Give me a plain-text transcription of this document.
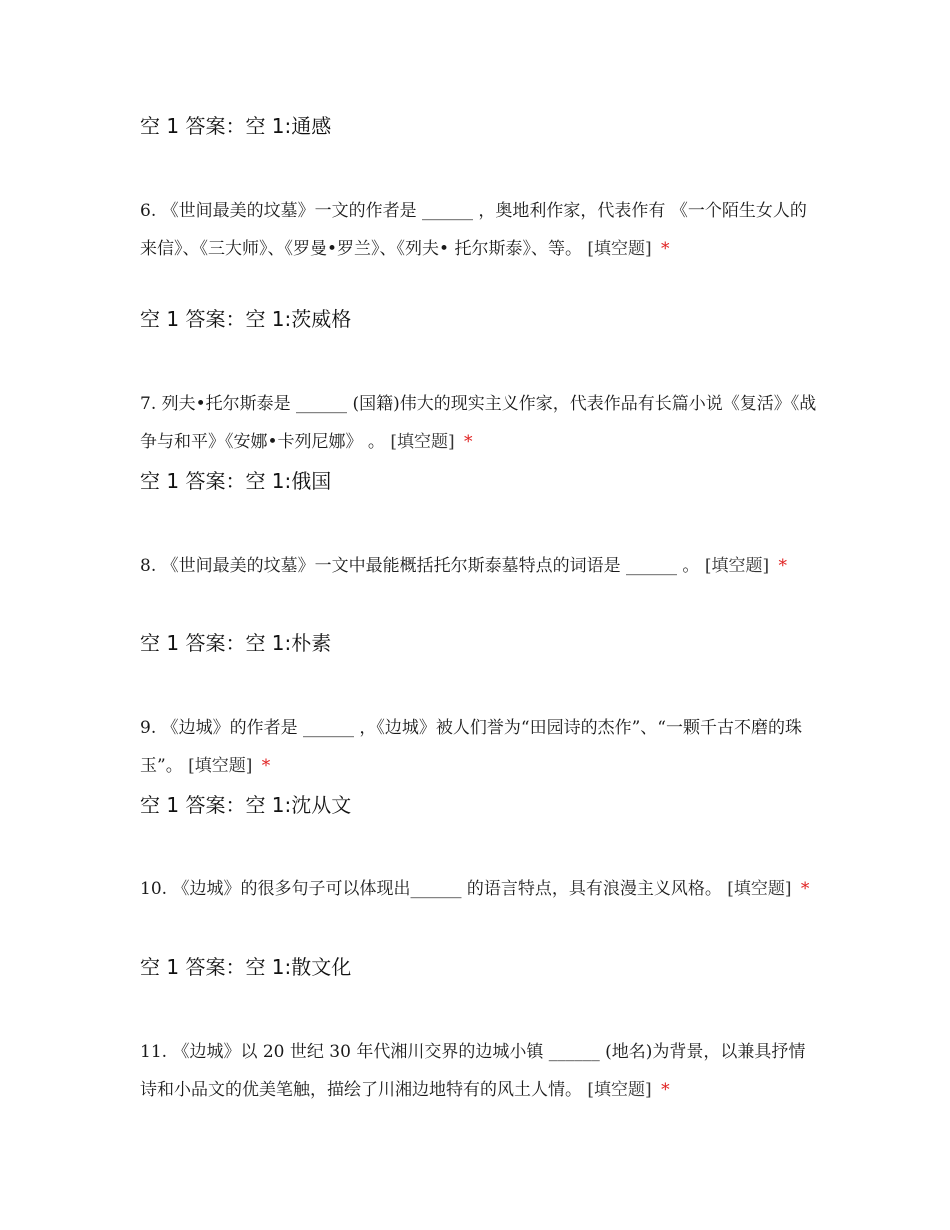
空 1 答案：空 1:通感
6. 《世间最美的坟墓》一文的作者是 ______ ，奥地利作家，代表作有 《一个陌生女人的来信》、《三大师》、《罗曼•罗兰》、《列夫• 托尔斯泰》、等。 [填空题] *
空 1 答案：空 1:茨威格
7. 列夫•托尔斯泰是 ______ (国籍)伟大的现实主义作家，代表作品有长篇小说《复活》《战争与和平》《安娜•卡列尼娜》 。 [填空题] *
空 1 答案：空 1:俄国
8. 《世间最美的坟墓》一文中最能概括托尔斯泰墓特点的词语是 ______ 。 [填空题] *
空 1 答案：空 1:朴素
9. 《边城》的作者是 ______ ，《边城》被人们誉为“田园诗的杰作”、“一颗千古不磨的珠玉”。 [填空题] *
空 1 答案：空 1:沈从文
10. 《边城》的很多句子可以体现出______ 的语言特点，具有浪漫主义风格。 [填空题] *
空 1 答案：空 1:散文化
11. 《边城》以 20 世纪 30 年代湘川交界的边城小镇 ______ (地名)为背景，以兼具抒情诗和小品文的优美笔触，描绘了川湘边地特有的风土人情。 [填空题] *
